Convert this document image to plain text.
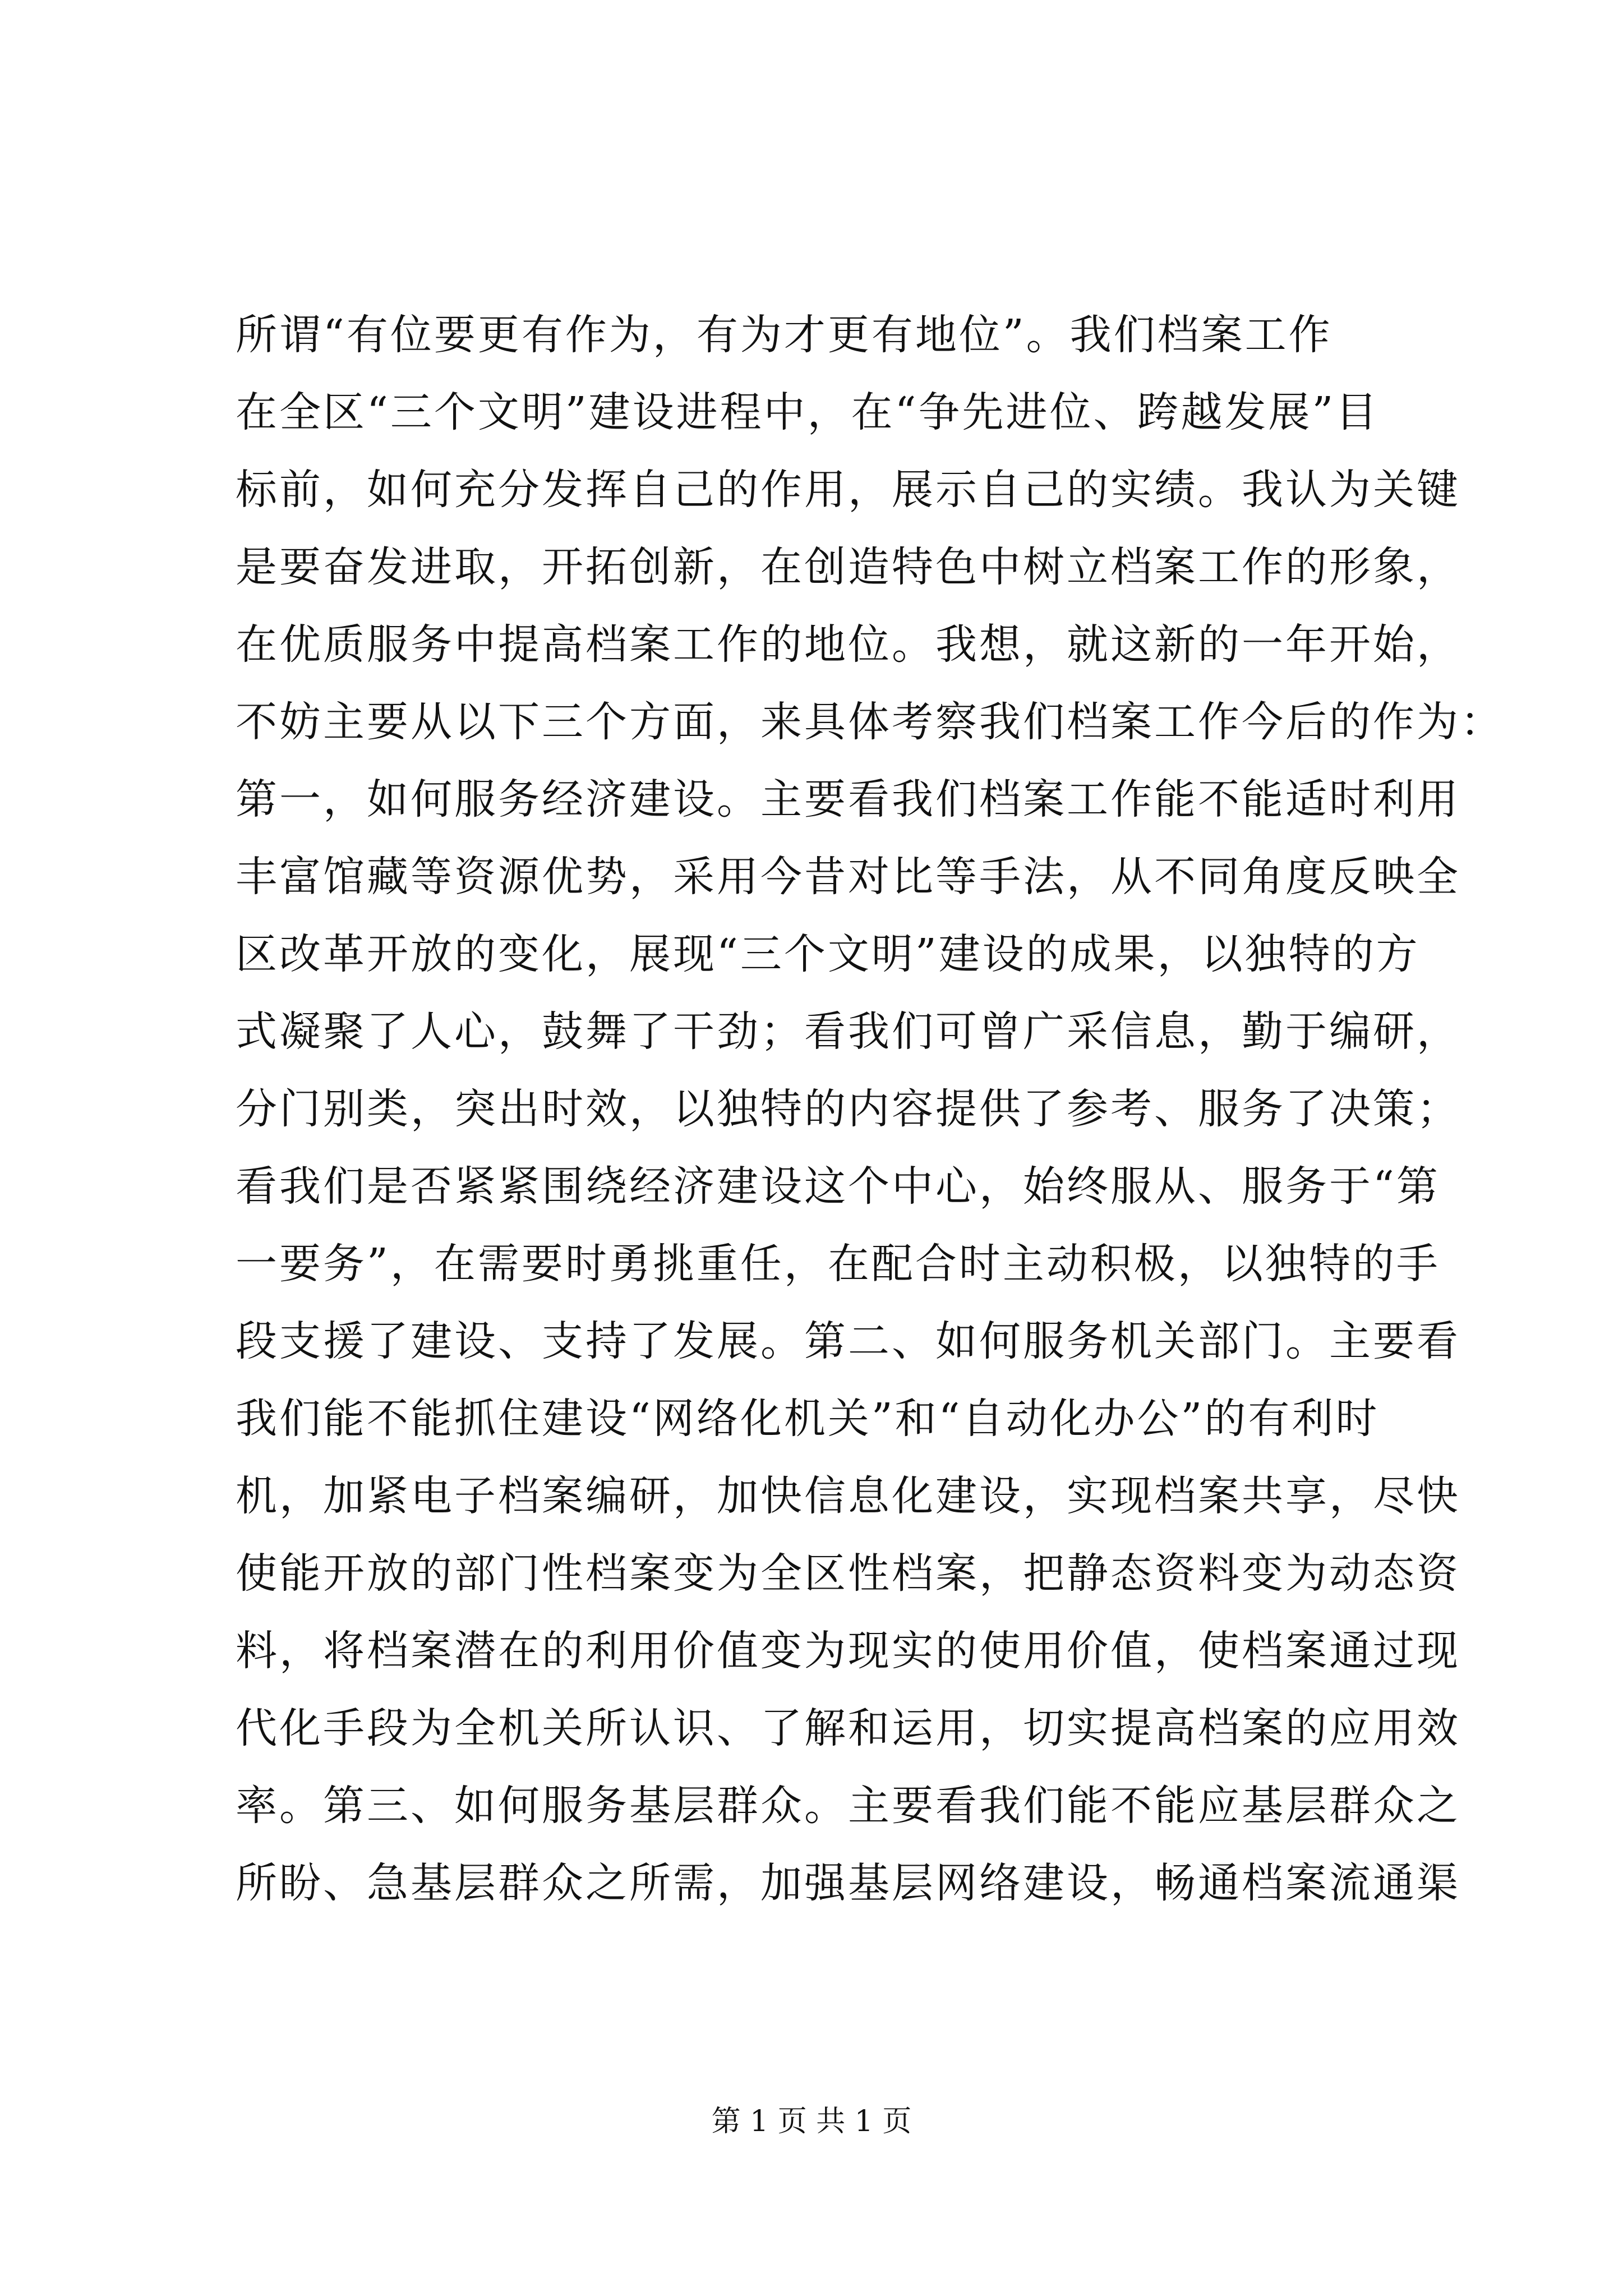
所谓“有位要更有作为，有为才更有地位”。我们档案工作
在全区“三个文明”建设进程中，在“争先进位、跨越发展”目
标前，如何充分发挥自己的作用，展示自己的实绩。我认为关键
是要奋发进取，开拓创新，在创造特色中树立档案工作的形象，
在优质服务中提高档案工作的地位。我想，就这新的一年开始，
不妨主要从以下三个方面，来具体考察我们档案工作今后的作为：
第一，如何服务经济建设。主要看我们档案工作能不能适时利用
丰富馆藏等资源优势，采用今昔对比等手法，从不同角度反映全
区改革开放的变化，展现“三个文明”建设的成果，以独特的方
式凝聚了人心，鼓舞了干劲；看我们可曾广采信息，勤于编研，
分门别类，突出时效，以独特的内容提供了参考、服务了决策；
看我们是否紧紧围绕经济建设这个中心，始终服从、服务于“第
一要务”，在需要时勇挑重任，在配合时主动积极，以独特的手
段支援了建设、支持了发展。第二、如何服务机关部门。主要看
我们能不能抓住建设“网络化机关”和“自动化办公”的有利时
机，加紧电子档案编研，加快信息化建设，实现档案共享，尽快
使能开放的部门性档案变为全区性档案，把静态资料变为动态资
料，将档案潜在的利用价值变为现实的使用价值，使档案通过现
代化手段为全机关所认识、了解和运用，切实提高档案的应用效
率。第三、如何服务基层群众。主要看我们能不能应基层群众之
所盼、急基层群众之所需，加强基层网络建设，畅通档案流通渠
第 1 页 共 1 页
